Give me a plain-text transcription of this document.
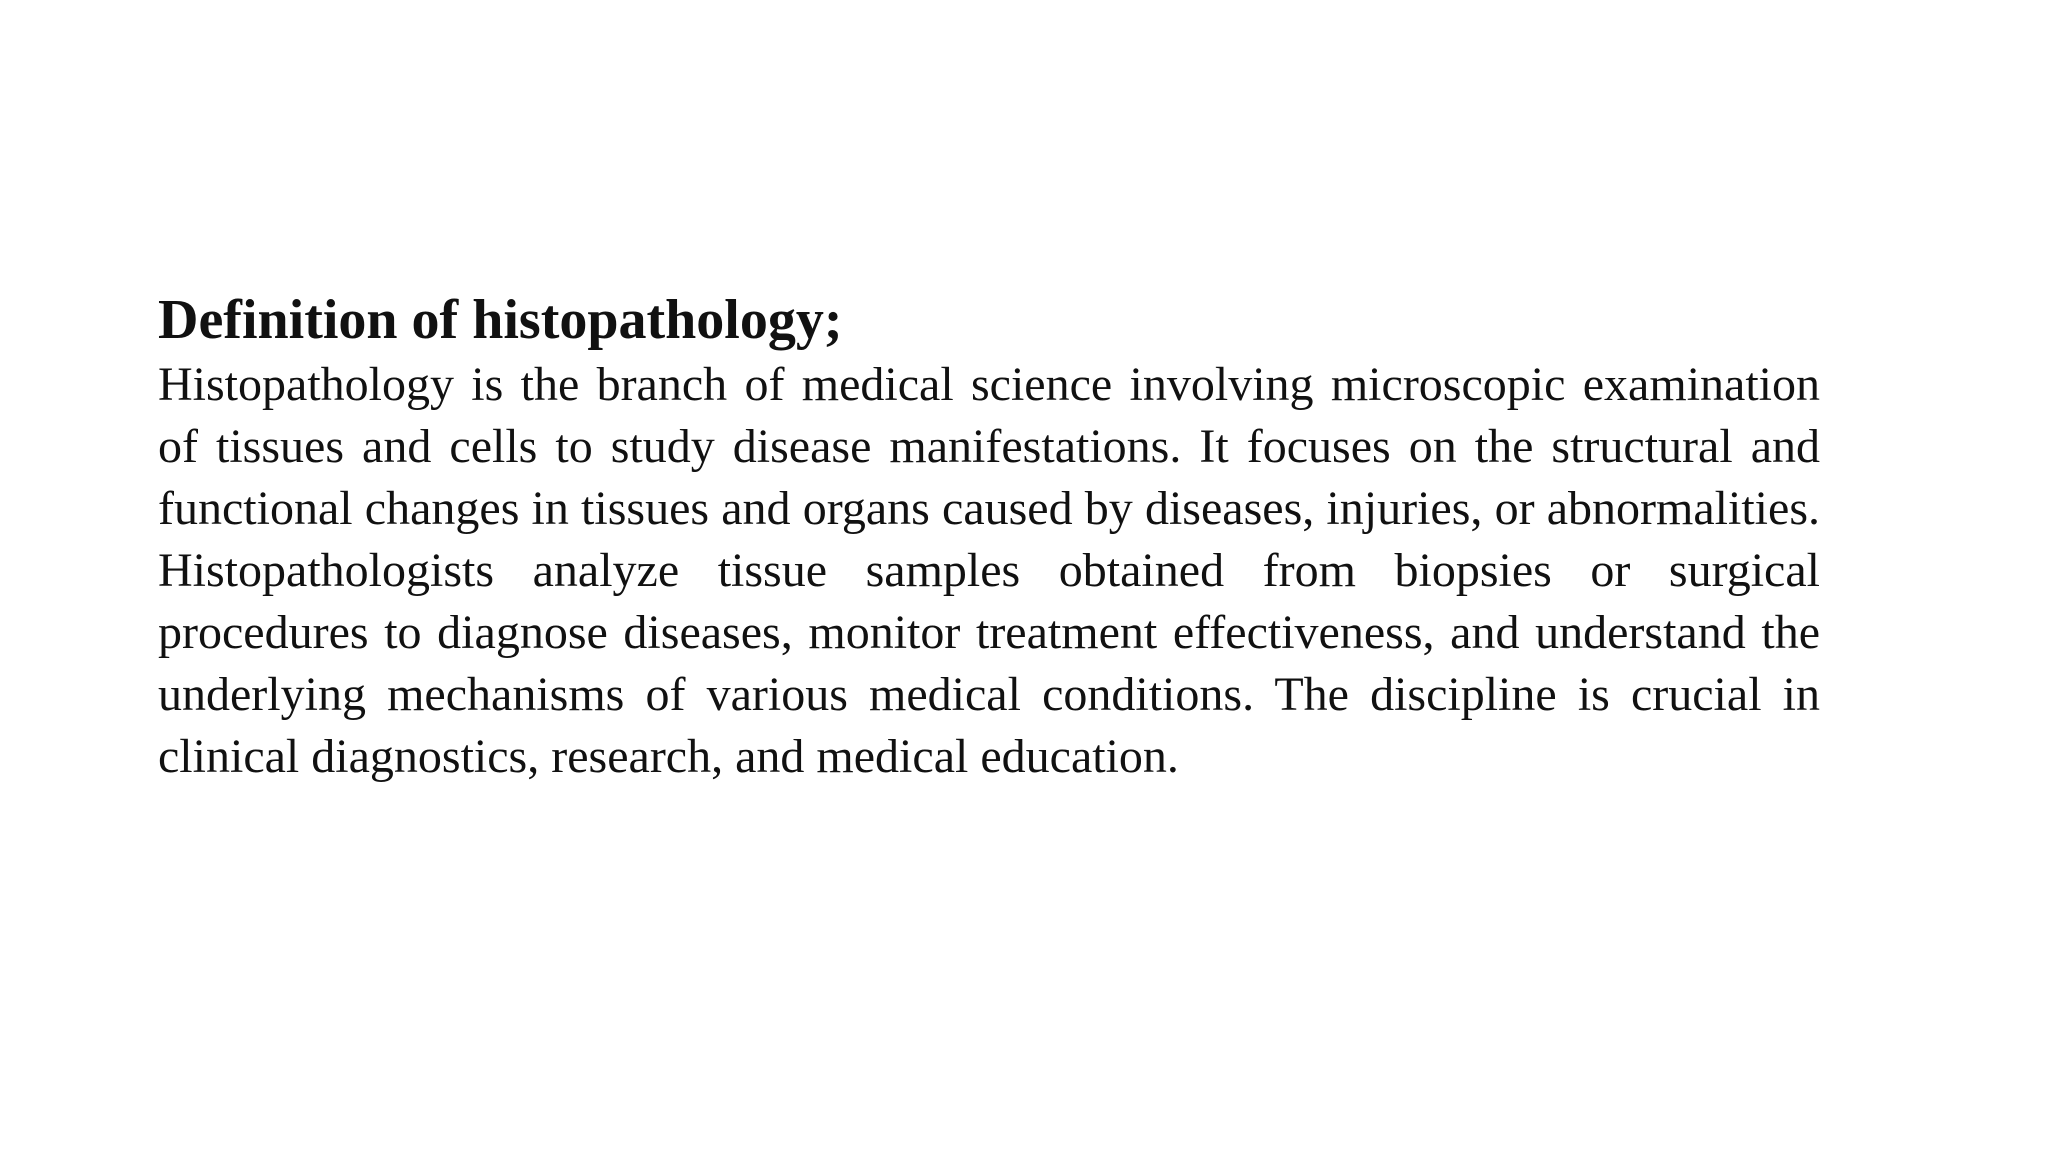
Definition of histopathology;

Histopathology is the branch of medical science involving microscopic examination of tissues and cells to study disease manifestations. It focuses on the structural and functional changes in tissues and organs caused by diseases, injuries, or abnormalities. Histopathologists analyze tissue samples obtained from biopsies or surgical procedures to diagnose diseases, monitor treatment effectiveness, and understand the underlying mechanisms of various medical conditions. The discipline is crucial in clinical diagnostics, research, and medical education.
